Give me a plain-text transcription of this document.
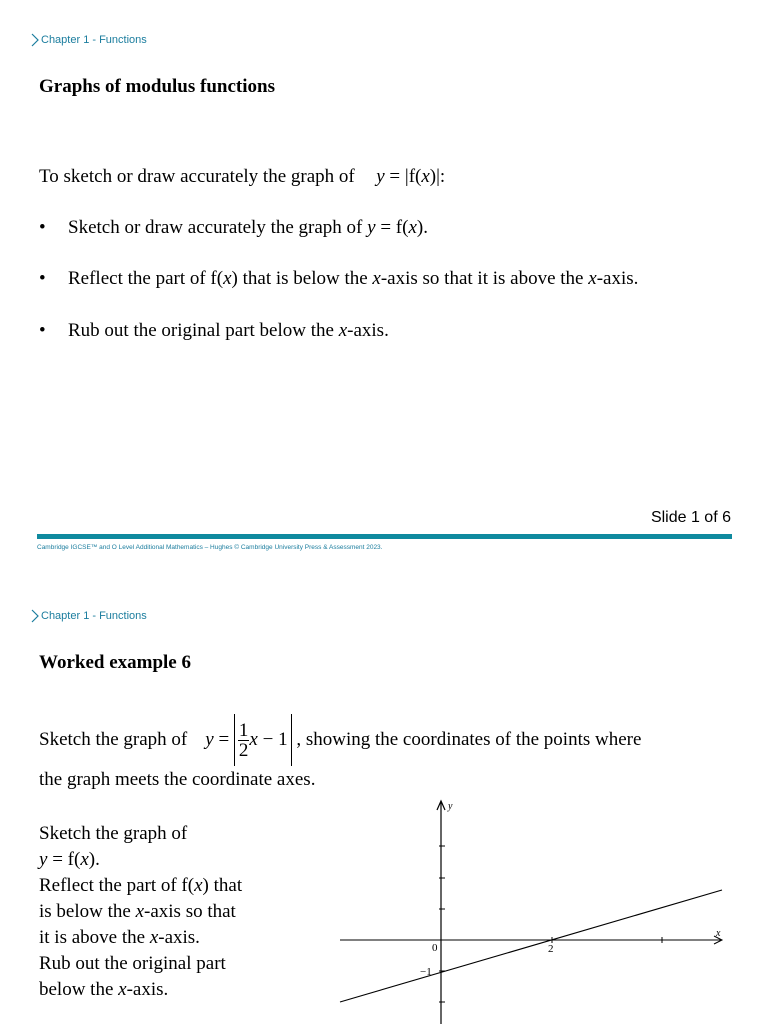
Chapter 1 - Functions
Graphs of modulus functions
To sketch or draw accurately the graph of y = |f(x)|:
•	Sketch or draw accurately the graph of y = f(x).
•	Reflect the part of f(x) that is below the x-axis so that it is above the x-axis.
•	Rub out the original part below the x-axis.
Slide 1 of 6
Cambridge IGCSE™ and O Level Additional Mathematics – Hughes © Cambridge University Press & Assessment 2023.
Chapter 1 - Functions
Worked example 6
Sketch the graph of $y = \frac{1}{2}$ x − 1 , showing the coordinates of the points where
the graph meets the coordinate axes.
Sketch the graph of
y = f(x).
Reflect the part of f(x) that
is below the x-axis so that
it is above the x-axis.
Rub out the original part
below the x-axis.
x
y
0	2
−1
